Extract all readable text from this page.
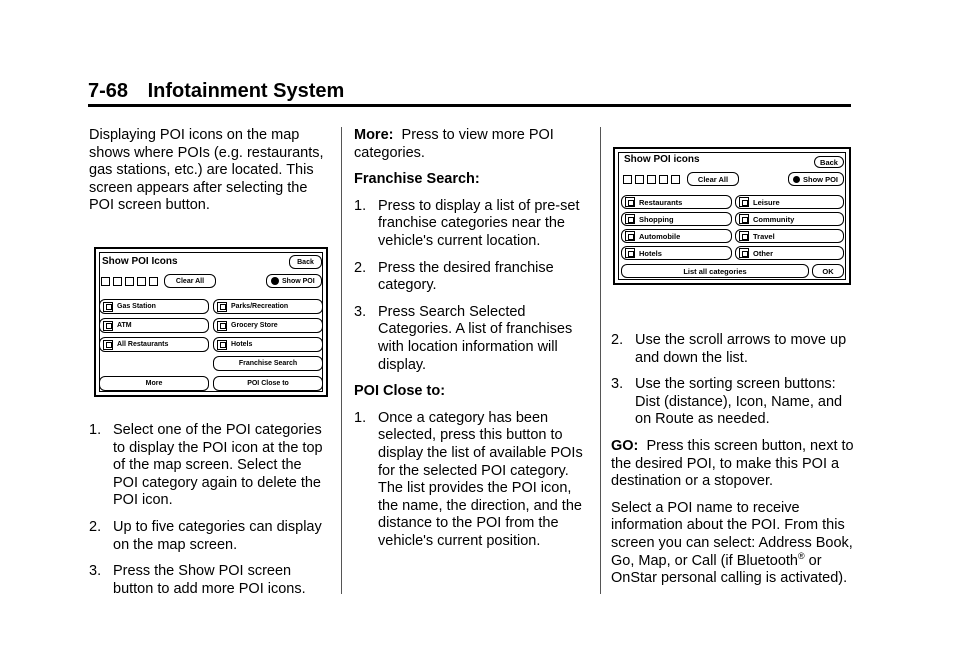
7-68 Infotainment System

Displaying POI icons on the map shows where POIs (e.g. restaurants, gas stations, etc.) are located. This screen appears after selecting the POI screen button.

1. Select one of the POI categories to display the POI icon at the top of the map screen. Select the POI category again to delete the POI icon.
2. Up to five categories can display on the map screen.
3. Press the Show POI screen button to add more POI icons.
Show POI Icons	Back
Clear All	Show POI
Gas Station	Parks/Recreation
ATM	Grocery Store
All Restaurants	Hotels
Franchise Search
More	POI Close to

More: Press to view more POI categories.

Franchise Search:

1. Press to display a list of pre-set franchise categories near the vehicle's current location.
2. Press the desired franchise category.
3. Press Search Selected Categories. A list of franchises with location information will display.

POI Close to:

1. Once a category has been selected, press this button to display the list of available POIs for the selected POI category. The list provides the POI icon, the name, the direction, and the distance to the POI from the vehicle's current position.
Show POI icons	Back
Clear All	Show POI
Restaurants	Leisure
Shopping	Community
Automobile	Travel
Hotels	Other
List all categories	OK
2. Use the scroll arrows to move up and down the list.
3. Use the sorting screen buttons: Dist (distance), Icon, Name, and on Route as needed.

GO: Press this screen button, next to the desired POI, to make this POI a destination or a stopover.

Select a POI name to receive information about the POI. From this screen you can select: Address Book, Go, Map, or Call (if Bluetooth® or OnStar personal calling is activated).
